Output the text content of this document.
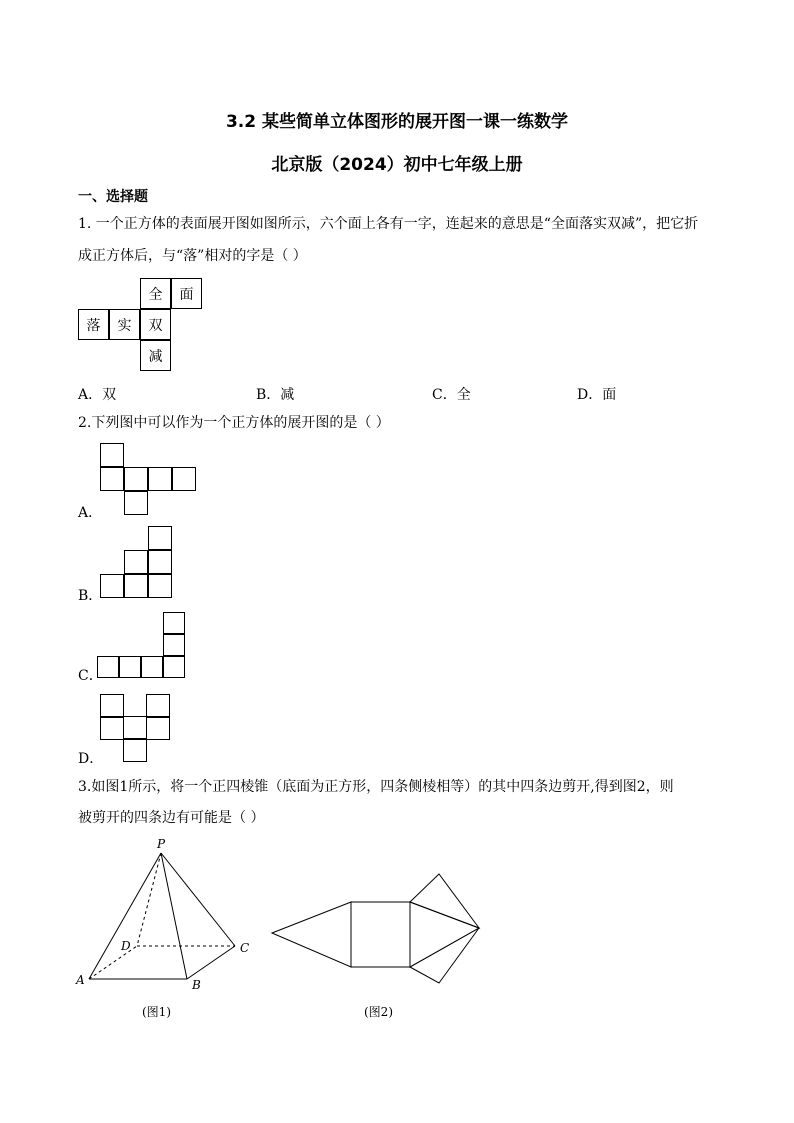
3.2 某些简单立体图形的展开图一课一练数学
北京版（2024）初中七年级上册
一、选择题
1. 一个正方体的表面展开图如图所示，六个面上各有一字，连起来的意思是“全面落实双减”，把它折
成正方体后，与“落”相对的字是（ ）
全	面
落	实	双
减
A．双	B．减	C．全	D．面
2.下列图中可以作为一个正方体的展开图的是（ ）
A．
B．
C．
D．
3.如图1所示，将一个正四棱锥（底面为正方形，四条侧棱相等）的其中四条边剪开,得到图2，则
被剪开的四条边有可能是（ ）
P
A	B
C
D
(图1)	(图2)
